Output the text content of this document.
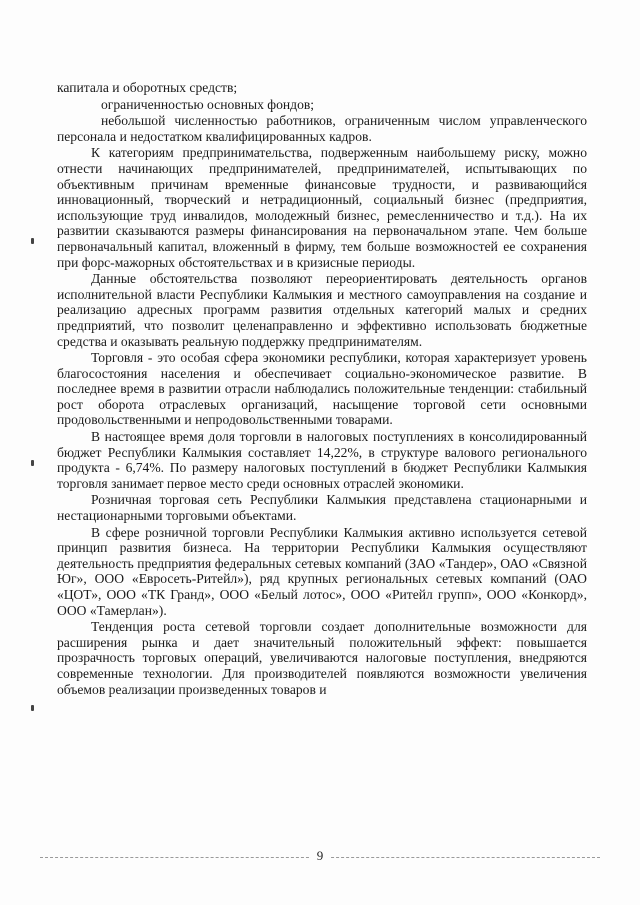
капитала и оборотных средств;

ограниченностью основных фондов;

небольшой численностью работников, ограниченным числом управленческого персонала и недостатком квалифицированных кадров.

К категориям предпринимательства, подверженным наибольшему риску, можно отнести начинающих предпринимателей, предпринимателей, испытывающих по объективным причинам временные финансовые трудности, и развивающийся инновационный, творческий и нетрадиционный, социальный бизнес (предприятия, использующие труд инвалидов, молодежный бизнес, ремесленничество и т.д.). На их развитии сказываются размеры финансирования на первоначальном этапе. Чем больше первоначальный капитал, вложенный в фирму, тем больше возможностей ее сохранения при форс-мажорных обстоятельствах и в кризисные периоды.

Данные обстоятельства позволяют переориентировать деятельность органов исполнительной власти Республики Калмыкия и местного самоуправления на создание и реализацию адресных программ развития отдельных категорий малых и средних предприятий, что позволит целенаправленно и эффективно использовать бюджетные средства и оказывать реальную поддержку предпринимателям.

Торговля - это особая сфера экономики республики, которая характеризует уровень благосостояния населения и обеспечивает социально-экономическое развитие. В последнее время в развитии отрасли наблюдались положительные тенденции: стабильный рост оборота отраслевых организаций, насыщение торговой сети основными продовольственными и непродовольственными товарами.

В настоящее время доля торговли в налоговых поступлениях в консолидированный бюджет Республики Калмыкия составляет 14,22%, в структуре валового регионального продукта - 6,74%. По размеру налоговых поступлений в бюджет Республики Калмыкия торговля занимает первое место среди основных отраслей экономики.

Розничная торговая сеть Республики Калмыкия представлена стационарными и нестационарными торговыми объектами.

В сфере розничной торговли Республики Калмыкия активно используется сетевой принцип развития бизнеса. На территории Республики Калмыкия осуществляют деятельность предприятия федеральных сетевых компаний (ЗАО «Тандер», ОАО «Связной Юг», ООО «Евросеть-Ритейл»), ряд крупных региональных сетевых компаний (ОАО «ЦОТ», ООО «ТК Гранд», ООО «Белый лотос», ООО «Ритейл групп», ООО «Конкорд», ООО «Тамерлан»).

Тенденция роста сетевой торговли создает дополнительные возможности для расширения рынка и дает значительный положительный эффект: повышается прозрачность торговых операций, увеличиваются налоговые поступления, внедряются современные технологии. Для производителей появляются возможности увеличения объемов реализации произведенных товаров и

9
